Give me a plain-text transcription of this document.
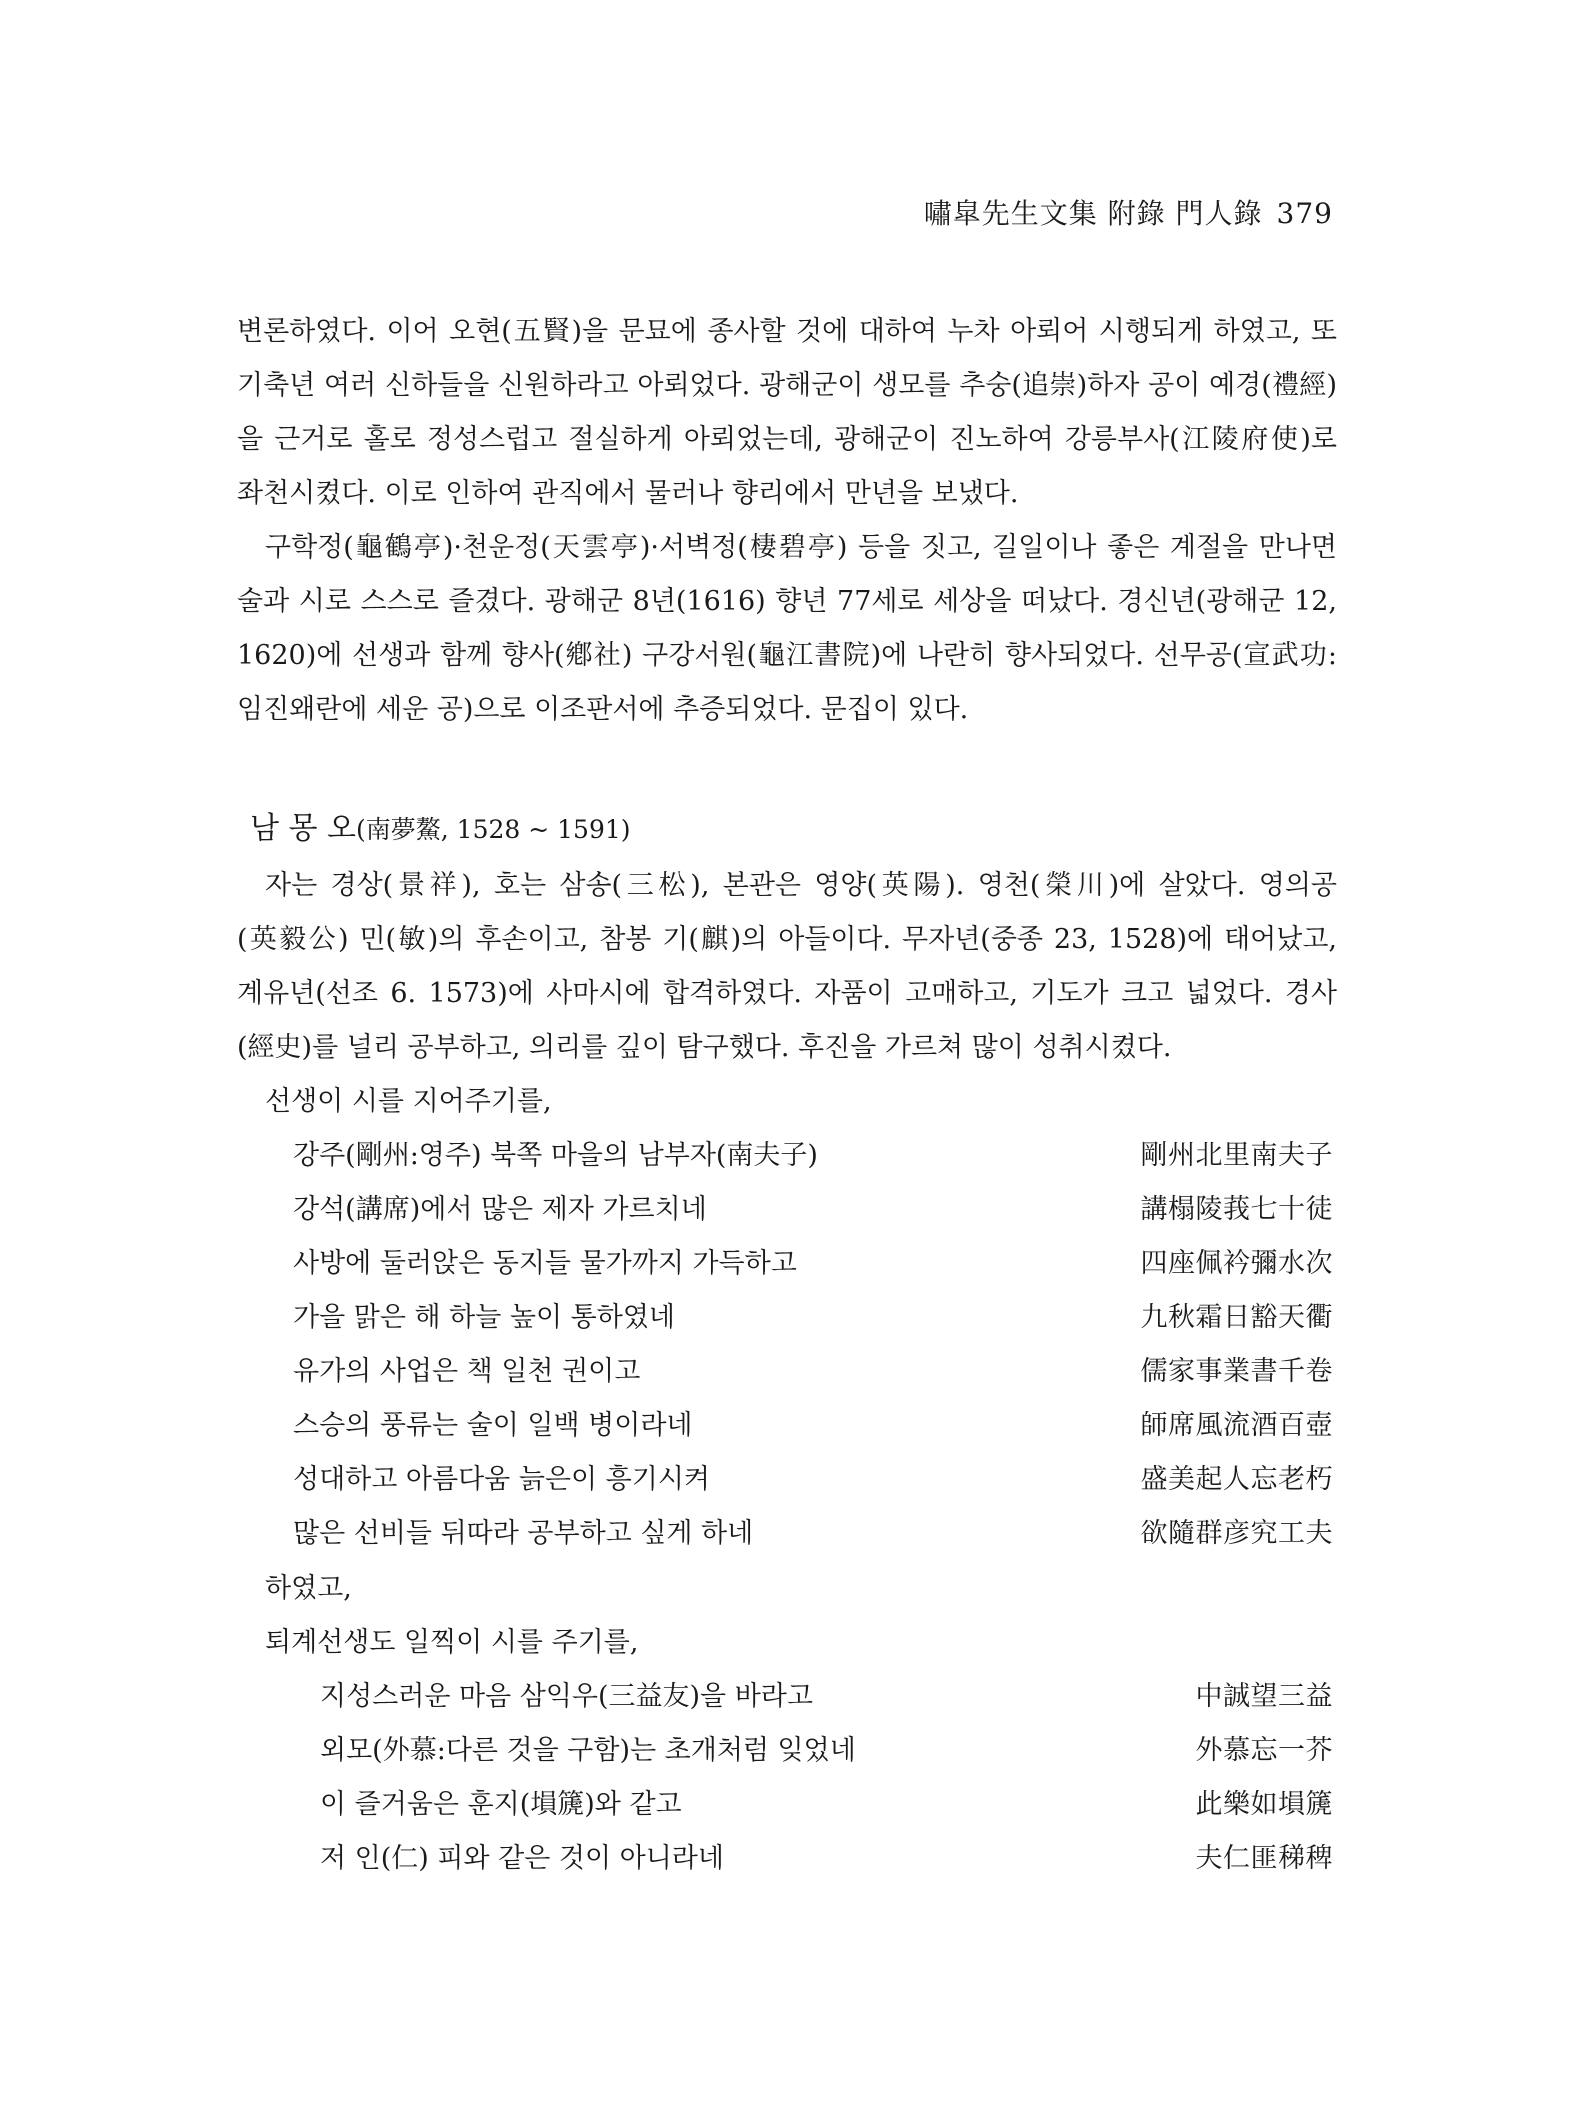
嘯皐先生文集 附錄 門人錄 379

변론하였다. 이어 오현(五賢)을 문묘에 종사할 것에 대하여 누차 아뢰어 시행되게 하였고, 또 기축년 여러 신하들을 신원하라고 아뢰었다. 광해군이 생모를 추숭(追崇)하자 공이 예경(禮經)을 근거로 홀로 정성스럽고 절실하게 아뢰었는데, 광해군이 진노하여 강릉부사(江陵府使)로 좌천시켰다. 이로 인하여 관직에서 물러나 향리에서 만년을 보냈다.

구학정(龜鶴亭)·천운정(天雲亭)·서벽정(棲碧亭) 등을 짓고, 길일이나 좋은 계절을 만나면 술과 시로 스스로 즐겼다. 광해군 8년(1616) 향년 77세로 세상을 떠났다. 경신년(광해군 12, 1620)에 선생과 함께 향사(鄕社) 구강서원(龜江書院)에 나란히 향사되었다. 선무공(宣武功:임진왜란에 세운 공)으로 이조판서에 추증되었다. 문집이 있다.

남 몽 오(南夢鰲, 1528 ~ 1591)

자는 경상(景祥), 호는 삼송(三松), 본관은 영양(英陽). 영천(榮川)에 살았다. 영의공(英毅公) 민(敏)의 후손이고, 참봉 기(麒)의 아들이다. 무자년(중종 23, 1528)에 태어났고, 계유년(선조 6. 1573)에 사마시에 합격하였다. 자품이 고매하고, 기도가 크고 넓었다. 경사(經史)를 널리 공부하고, 의리를 깊이 탐구했다. 후진을 가르쳐 많이 성취시켰다.

선생이 시를 지어주기를,
강주(剛州:영주) 북쪽 마을의 남부자(南夫子)	剛州北里南夫子
강석(講席)에서 많은 제자 가르치네	講榻陵莪七十徒
사방에 둘러앉은 동지들 물가까지 가득하고	四座佩衿彌水次
가을 맑은 해 하늘 높이 통하였네	九秋霜日豁天衢
유가의 사업은 책 일천 권이고	儒家事業書千卷
스승의 풍류는 술이 일백 병이라네	師席風流酒百壺
성대하고 아름다움 늙은이 흥기시켜	盛美起人忘老朽
많은 선비들 뒤따라 공부하고 싶게 하네	欲隨群彦究工夫
하였고,
퇴계선생도 일찍이 시를 주기를,
지성스러운 마음 삼익우(三益友)을 바라고	中誠望三益
외모(外慕:다른 것을 구함)는 초개처럼 잊었네	外慕忘一芥
이 즐거움은 훈지(塤篪)와 같고	此樂如塤篪
저 인(仁) 피와 같은 것이 아니라네	夫仁匪稊稗
